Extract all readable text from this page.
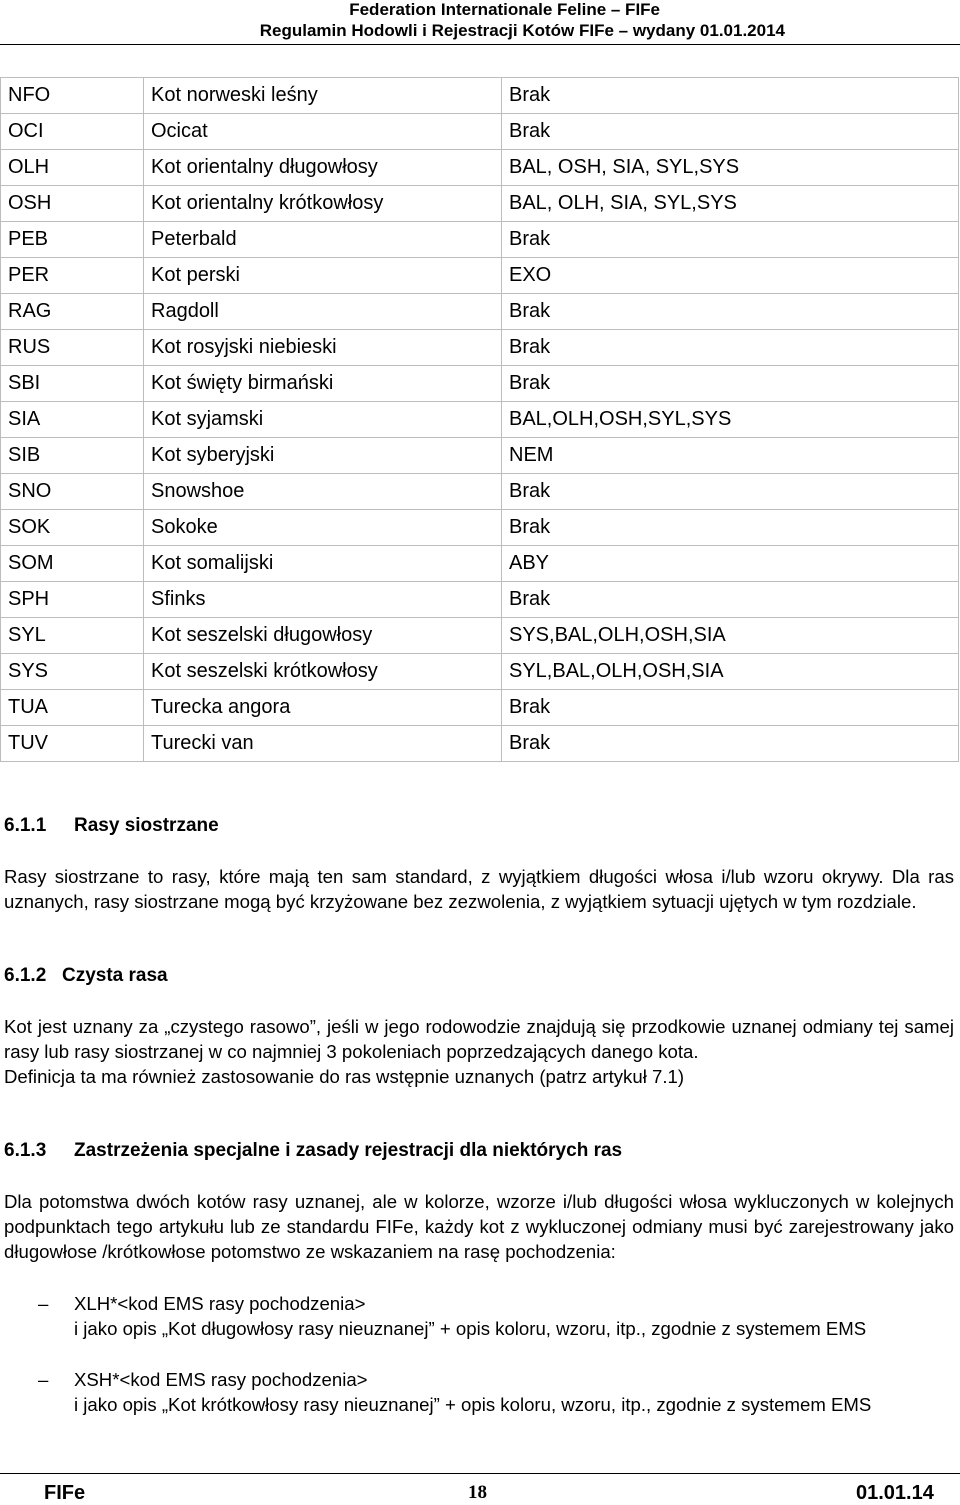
Federation Internationale Feline – FIFe
Regulamin Hodowli i Rejestracji Kotów FIFe – wydany 01.01.2014
NFO	Kot norweski leśny	Brak
OCI	Ocicat	Brak
OLH	Kot orientalny długowłosy	BAL, OSH, SIA, SYL,SYS
OSH	Kot orientalny krótkowłosy	BAL, OLH, SIA, SYL,SYS
PEB	Peterbald	Brak
PER	Kot perski	EXO
RAG	Ragdoll	Brak
RUS	Kot rosyjski niebieski	Brak
SBI	Kot święty birmański	Brak
SIA	Kot syjamski	BAL,OLH,OSH,SYL,SYS
SIB	Kot syberyjski	NEM
SNO	Snowshoe	Brak
SOK	Sokoke	Brak
SOM	Kot somalijski	ABY
SPH	Sfinks	Brak
SYL	Kot seszelski długowłosy	SYS,BAL,OLH,OSH,SIA
SYS	Kot seszelski krótkowłosy	SYL,BAL,OLH,OSH,SIA
TUA	Turecka angora	Brak
TUV	Turecki van	Brak
6.1.1 Rasy siostrzane

Rasy siostrzane to rasy, które mają ten sam standard, z wyjątkiem długości włosa i/lub wzoru okrywy. Dla ras uznanych, rasy siostrzane mogą być krzyżowane bez zezwolenia, z wyjątkiem sytuacji ujętych w tym rozdziale.

6.1.2 Czysta rasa

Kot jest uznany za „czystego rasowo”, jeśli w jego rodowodzie znajdują się przodkowie uznanej odmiany tej samej rasy lub rasy siostrzanej w co najmniej 3 pokoleniach poprzedzających danego kota.

Definicja ta ma również zastosowanie do ras wstępnie uznanych (patrz artykuł 7.1)

6.1.3 Zastrzeżenia specjalne i zasady rejestracji dla niektórych ras

Dla potomstwa dwóch kotów rasy uznanej, ale w kolorze, wzorze i/lub długości włosa wykluczonych w kolejnych podpunktach tego artykułu lub ze standardu FIFe, każdy kot z wykluczonej odmiany musi być zarejestrowany jako długowłose /krótkowłose potomstwo ze wskazaniem na rasę pochodzenia:

– XLH*<kod EMS rasy pochodzenia>
i jako opis „Kot długowłosy rasy nieuznanej” + opis koloru, wzoru, itp., zgodnie z systemem EMS
– XSH*<kod EMS rasy pochodzenia>
i jako opis „Kot krótkowłosy rasy nieuznanej” + opis koloru, wzoru, itp., zgodnie z systemem EMS
FIFe	18	01.01.14
